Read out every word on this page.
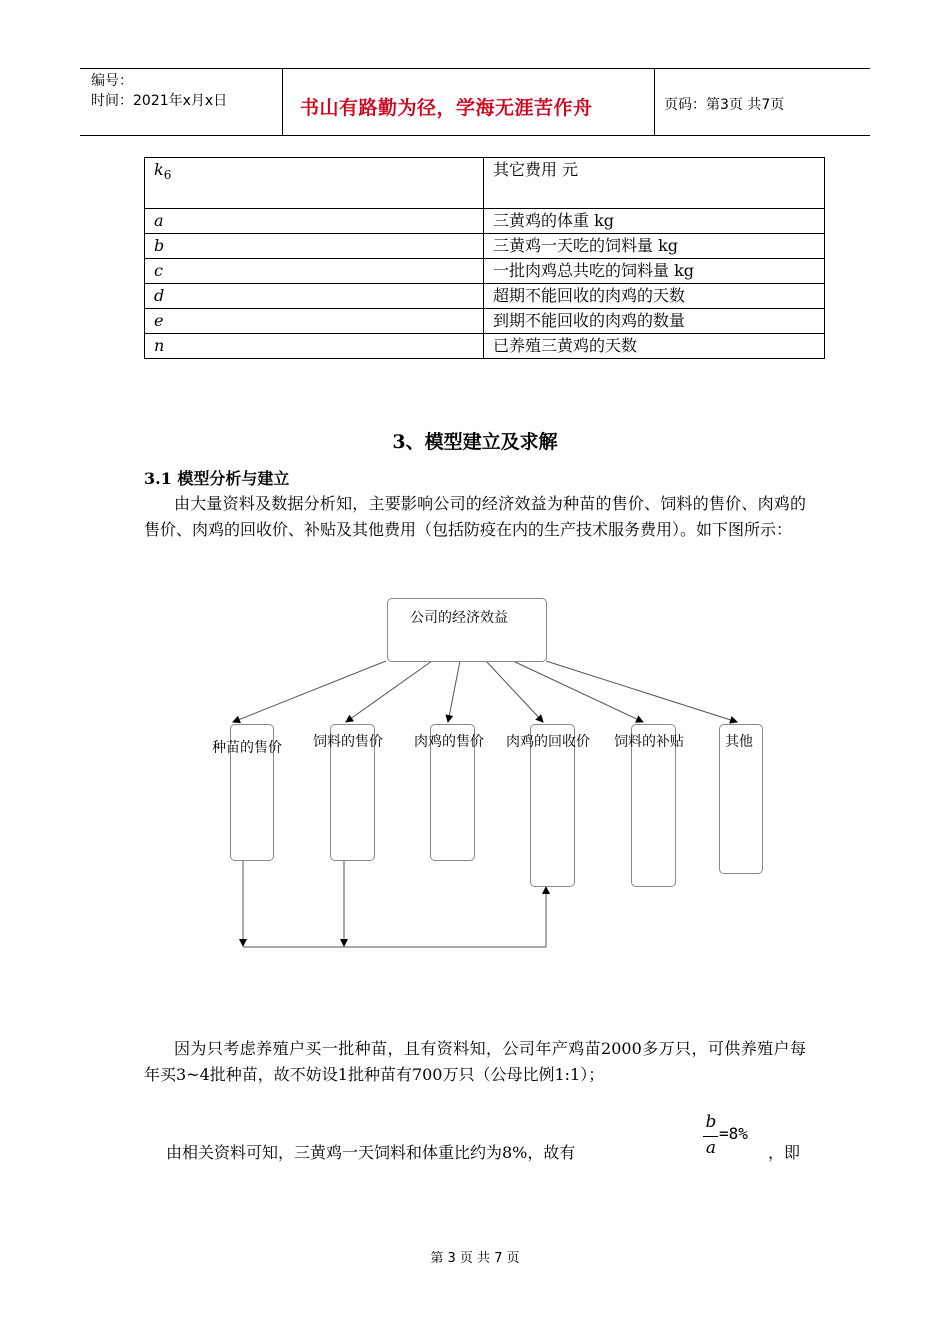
编号：
时间：2021年x月x日	书山有路勤为径，学海无涯苦作舟	页码：第3页 共7页
$k_6$	其它费用 元
a	三黄鸡的体重 kg
b	三黄鸡一天吃的饲料量 kg
c	一批肉鸡总共吃的饲料量 kg
d	超期不能回收的肉鸡的天数
e	到期不能回收的肉鸡的数量
n	已养殖三黄鸡的天数
3、模型建立及求解
3.1 模型分析与建立
由大量资料及数据分析知，主要影响公司的经济效益为种苗的售价、饲料的售价、肉鸡的售价、肉鸡的回收价、补贴及其他费用（包括防疫在内的生产技术服务费用）。如下图所示：
公司的经济效益
种苗的售价 饲料的售价 肉鸡的售价 肉鸡的回收价 饲料的补贴	其他
因为只考虑养殖户买一批种苗，且有资料知，公司年产鸡苗2000多万只，可供养殖户每年买3~4批种苗，故不妨设1批种苗有700万只（公母比例1:1）；
由相关资料可知，三黄鸡一天饲料和体重比约为8%，故有
b
a
=8%
，即
第 3 页 共 7 页
